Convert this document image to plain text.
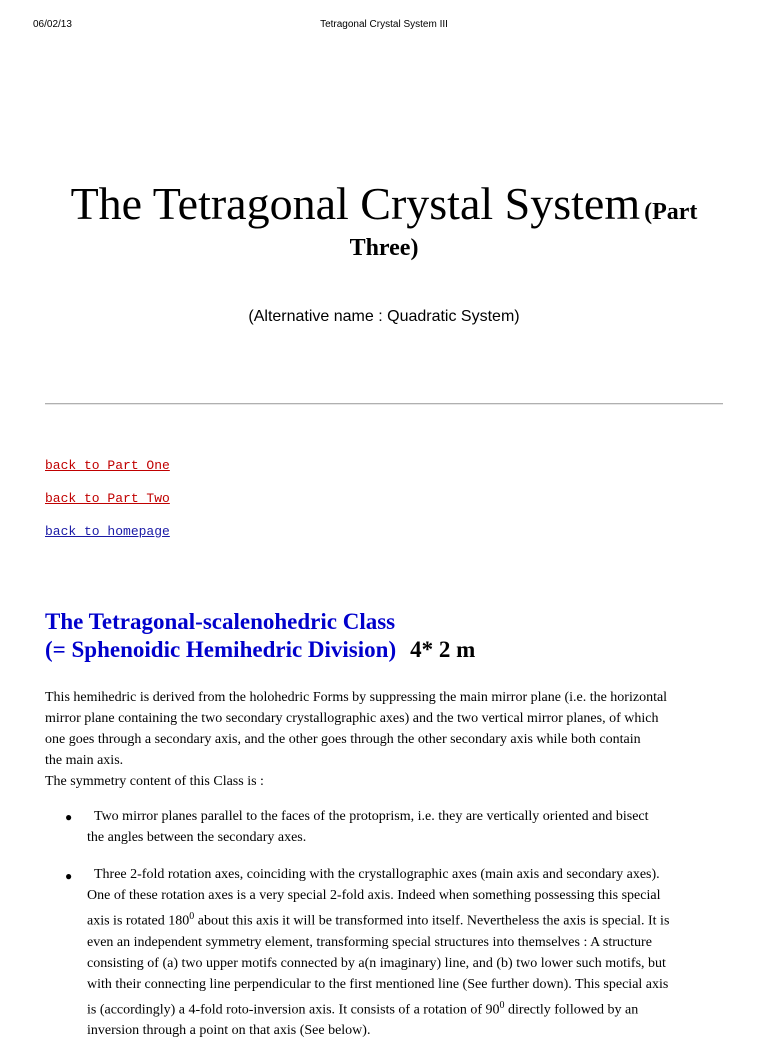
06/02/13	Tetragonal Crystal System III
The Tetragonal Crystal System (Part
Three)
(Alternative name : Quadratic System)
back to Part One
back to Part Two
back to homepage
The Tetragonal-scalenohedric Class
(= Sphenoidic Hemihedric Division) 4* 2 m
This hemihedric is derived from the holohedric Forms by suppressing the main mirror plane (i.e. the horizontal
mirror plane containing the two secondary crystallographic axes) and the two vertical mirror planes, of which
one goes through a secondary axis, and the other goes through the other secondary axis while both contain
the main axis.
The symmetry content of this Class is :
●	Two mirror planes parallel to the faces of the protoprism, i.e. they are vertically oriented and bisect
the angles between the secondary axes.
●	Three 2-fold rotation axes, coinciding with the crystallographic axes (main axis and secondary axes).
One of these rotation axes is a very special 2-fold axis. Indeed when something possessing this special
axis is rotated $180^0$ about this axis it will be transformed into itself. Nevertheless the axis is special. It is
even an independent symmetry element, transforming special structures into themselves : A structure
consisting of (a) two upper motifs connected by a(n imaginary) line, and (b) two lower such motifs, but
with their connecting line perpendicular to the first mentioned line (See further down). This special axis
is (accordingly) a 4-fold roto-inversion axis. It consists of a rotation of $90^0$ directly followed by an
inversion through a point on that axis (See below).
